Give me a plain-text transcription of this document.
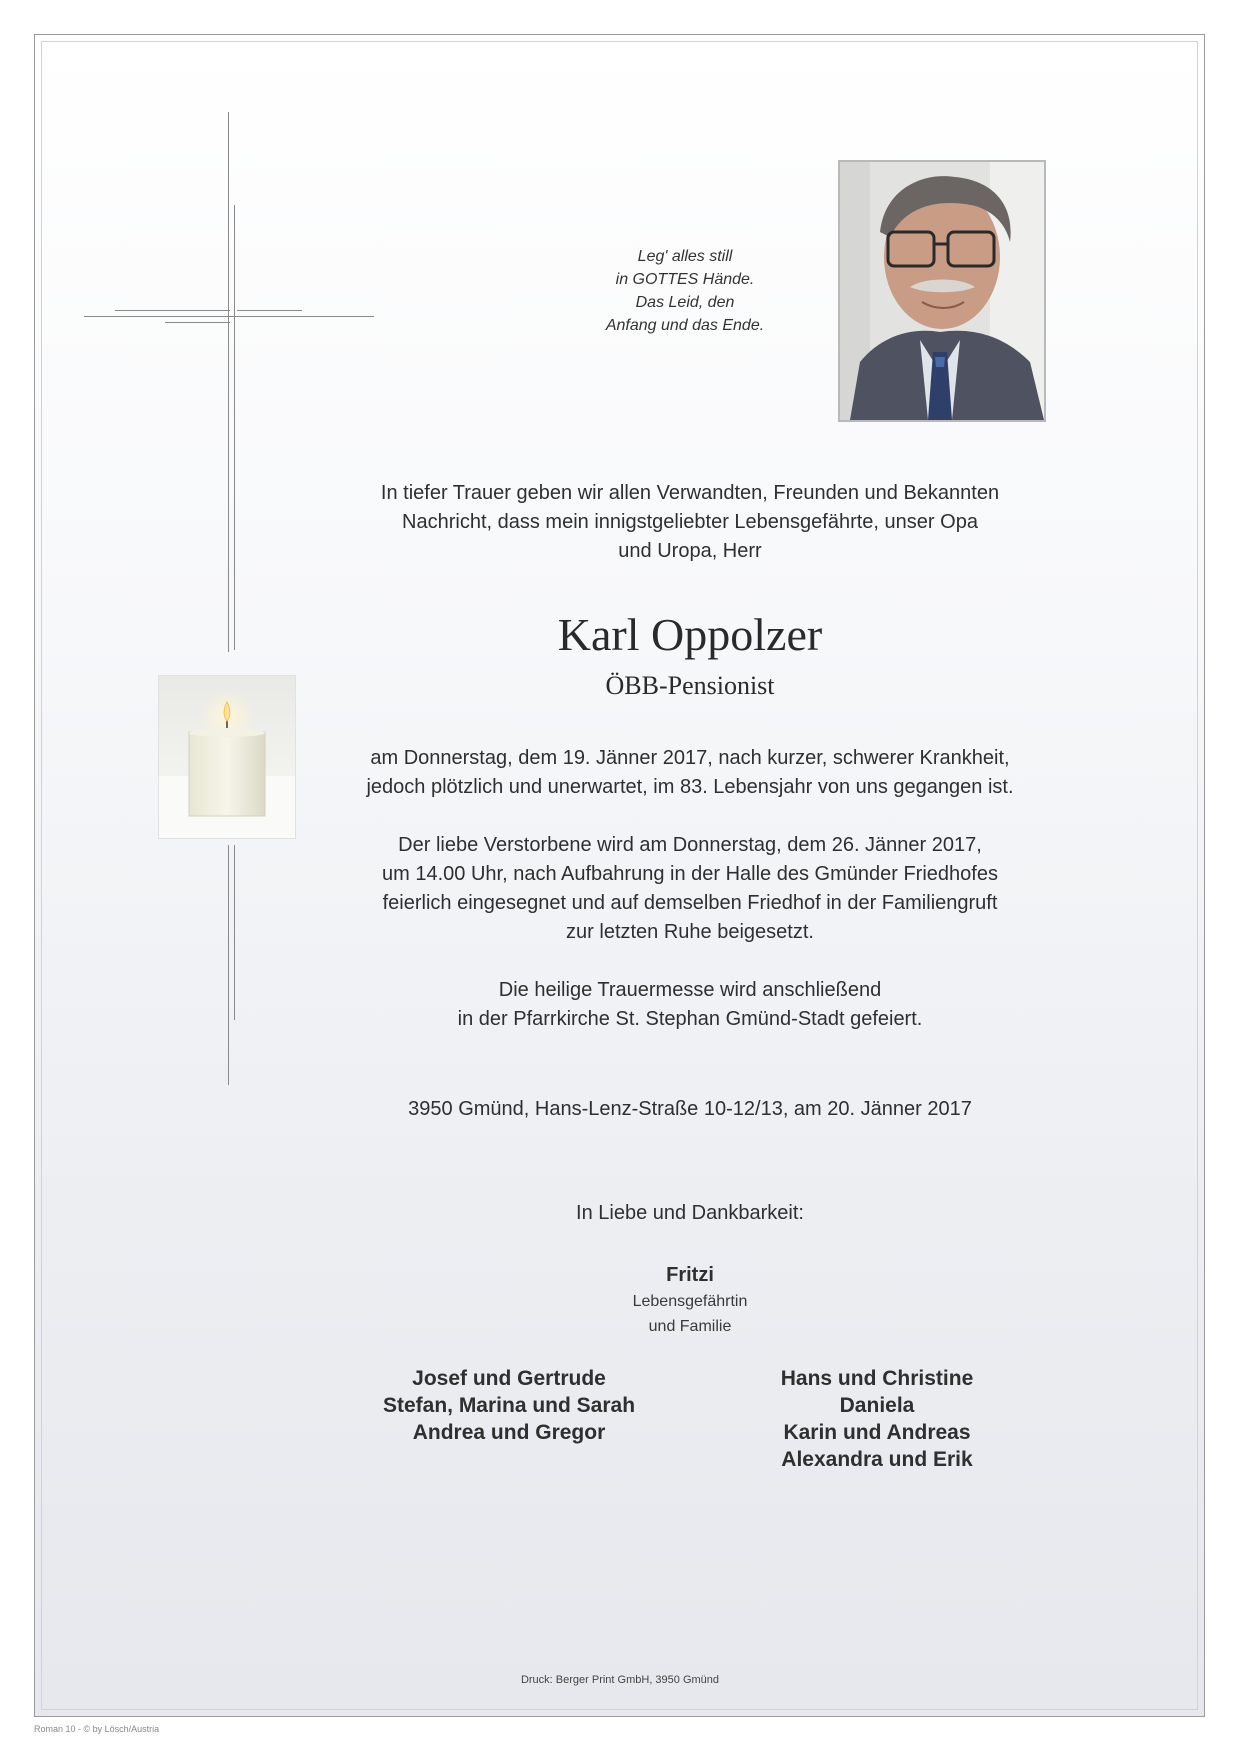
Leg' alles still
in GOTTES Hände.
Das Leid, den
Anfang und das Ende.
In tiefer Trauer geben wir allen Verwandten, Freunden und Bekannten
Nachricht, dass mein innigstgeliebter Lebensgefährte, unser Opa
und Uropa, Herr
Karl Oppolzer
ÖBB-Pensionist
am Donnerstag, dem 19. Jänner 2017, nach kurzer, schwerer Krankheit,
jedoch plötzlich und unerwartet, im 83. Lebensjahr von uns gegangen ist.
Der liebe Verstorbene wird am Donnerstag, dem 26. Jänner 2017,
um 14.00 Uhr, nach Aufbahrung in der Halle des Gmünder Friedhofes
feierlich eingesegnet und auf demselben Friedhof in der Familiengruft
zur letzten Ruhe beigesetzt.
Die heilige Trauermesse wird anschließend
in der Pfarrkirche St. Stephan Gmünd-Stadt gefeiert.
3950 Gmünd, Hans-Lenz-Straße 10-12/13, am 20. Jänner 2017
In Liebe und Dankbarkeit:
Fritzi
Lebensgefährtin
und Familie
Josef und Gertrude
Stefan, Marina und Sarah
Andrea und Gregor
Hans und Christine
Daniela
Karin und Andreas
Alexandra und Erik
Druck: Berger Print GmbH, 3950 Gmünd
Roman 10 - © by Lösch/Austria
